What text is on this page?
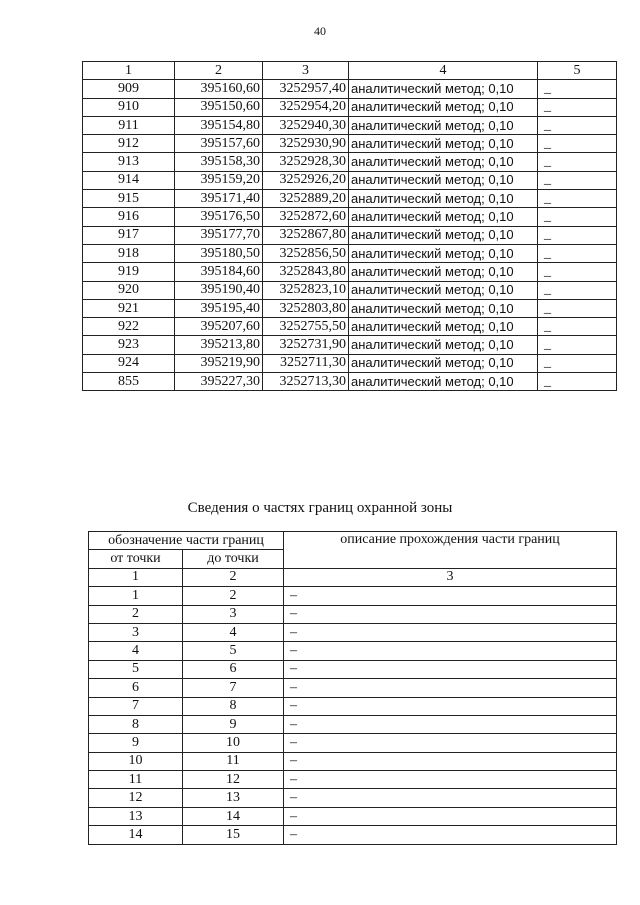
40
1	2	3	4	5
909	395160,60	3252957,40	аналитический метод; 0,10	_
910	395150,60	3252954,20	аналитический метод; 0,10	_
911	395154,80	3252940,30	аналитический метод; 0,10	_
912	395157,60	3252930,90	аналитический метод; 0,10	_
913	395158,30	3252928,30	аналитический метод; 0,10	_
914	395159,20	3252926,20	аналитический метод; 0,10	_
915	395171,40	3252889,20	аналитический метод; 0,10	_
916	395176,50	3252872,60	аналитический метод; 0,10	_
917	395177,70	3252867,80	аналитический метод; 0,10	_
918	395180,50	3252856,50	аналитический метод; 0,10	_
919	395184,60	3252843,80	аналитический метод; 0,10	_
920	395190,40	3252823,10	аналитический метод; 0,10	_
921	395195,40	3252803,80	аналитический метод; 0,10	_
922	395207,60	3252755,50	аналитический метод; 0,10	_
923	395213,80	3252731,90	аналитический метод; 0,10	_
924	395219,90	3252711,30	аналитический метод; 0,10	_
855	395227,30	3252713,30	аналитический метод; 0,10	_
Сведения о частях границ охранной зоны
обозначение части границ		описание прохождения части границ
от точки	до точки	
1	2	3
1	2	–
2	3	–
3	4	–
4	5	–
5	6	–
6	7	–
7	8	–
8	9	–
9	10	–
10	11	–
11	12	–
12	13	–
13	14	–
14	15	–
